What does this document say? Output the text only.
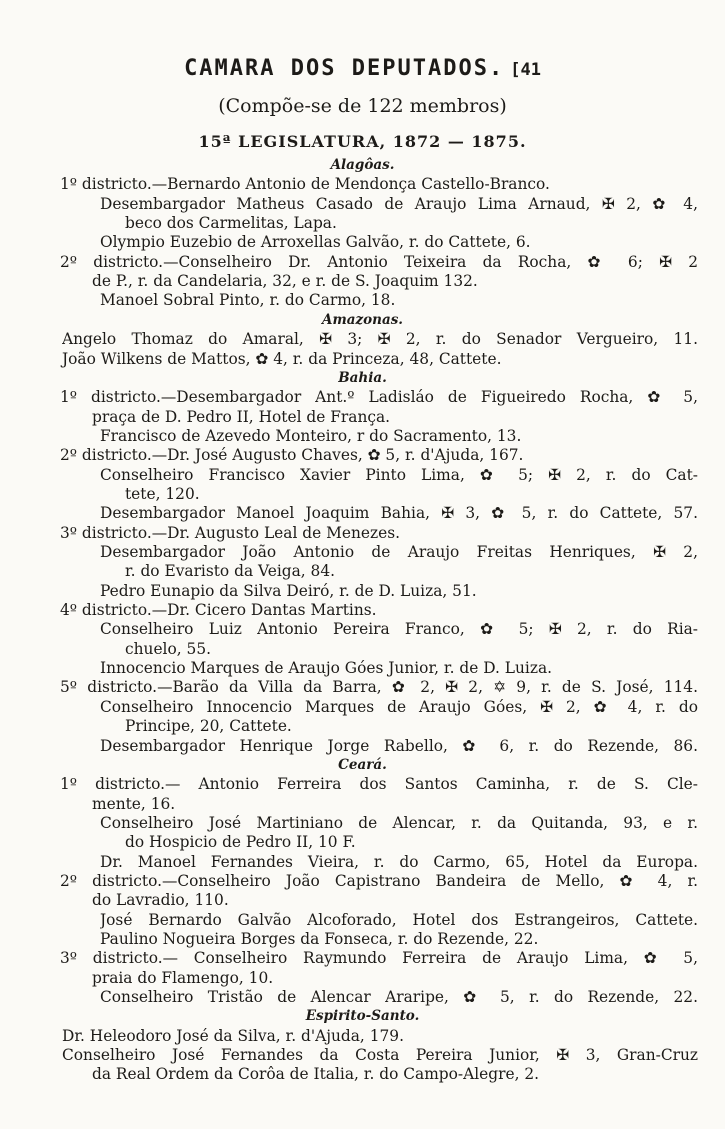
CAMARA DOS DEPUTADOS. [41
(Compõe-se de 122 membros)
15ª LEGISLATURA, 1872 — 1875.
Alagôas.
1º districto.—Bernardo Antonio de Mendonça Castello-Branco.
Desembargador Matheus Casado de Araujo Lima Arnaud, ✠ 2, ✿ 4,
beco dos Carmelitas, Lapa.
Olympio Euzebio de Arroxellas Galvão, r. do Cattete, 6.
2º districto.—Conselheiro Dr. Antonio Teixeira da Rocha, ✿ 6; ✠ 2
de P., r. da Candelaria, 32, e r. de S. Joaquim 132.
Manoel Sobral Pinto, r. do Carmo, 18.
Amazonas.
Angelo Thomaz do Amaral, ✠ 3; ✠ 2, r. do Senador Vergueiro, 11.
João Wilkens de Mattos, ✿ 4, r. da Princeza, 48, Cattete.
Bahia.
1º districto.—Desembargador Ant.º Ladisláo de Figueiredo Rocha, ✿ 5,
praça de D. Pedro II, Hotel de França.
Francisco de Azevedo Monteiro, r do Sacramento, 13.
2º districto.—Dr. José Augusto Chaves, ✿ 5, r. d'Ajuda, 167.
Conselheiro Francisco Xavier Pinto Lima, ✿ 5; ✠ 2, r. do Cat-
tete, 120.
Desembargador Manoel Joaquim Bahia, ✠ 3, ✿ 5, r. do Cattete, 57.
3º districto.—Dr. Augusto Leal de Menezes.
Desembargador João Antonio de Araujo Freitas Henriques, ✠ 2,
r. do Evaristo da Veiga, 84.
Pedro Eunapio da Silva Deiró, r. de D. Luiza, 51.
4º districto.—Dr. Cicero Dantas Martins.
Conselheiro Luiz Antonio Pereira Franco, ✿ 5; ✠ 2, r. do Ria-
chuelo, 55.
Innocencio Marques de Araujo Góes Junior, r. de D. Luiza.
5º districto.—Barão da Villa da Barra, ✿ 2, ✠ 2, ✡ 9, r. de S. José, 114.
Conselheiro Innocencio Marques de Araujo Góes, ✠ 2, ✿ 4, r. do
Principe, 20, Cattete.
Desembargador Henrique Jorge Rabello, ✿ 6, r. do Rezende, 86.
Ceará.
1º districto.— Antonio Ferreira dos Santos Caminha, r. de S. Cle-
mente, 16.
Conselheiro José Martiniano de Alencar, r. da Quitanda, 93, e r.
do Hospicio de Pedro II, 10 F.
Dr. Manoel Fernandes Vieira, r. do Carmo, 65, Hotel da Europa.
2º districto.—Conselheiro João Capistrano Bandeira de Mello, ✿ 4, r.
do Lavradio, 110.
José Bernardo Galvão Alcoforado, Hotel dos Estrangeiros, Cattete.
Paulino Nogueira Borges da Fonseca, r. do Rezende, 22.
3º districto.— Conselheiro Raymundo Ferreira de Araujo Lima, ✿ 5,
praia do Flamengo, 10.
Conselheiro Tristão de Alencar Araripe, ✿ 5, r. do Rezende, 22.
Espirito-Santo.
Dr. Heleodoro José da Silva, r. d'Ajuda, 179.
Conselheiro José Fernandes da Costa Pereira Junior, ✠ 3, Gran-Cruz
da Real Ordem da Corôa de Italia, r. do Campo-Alegre, 2.
